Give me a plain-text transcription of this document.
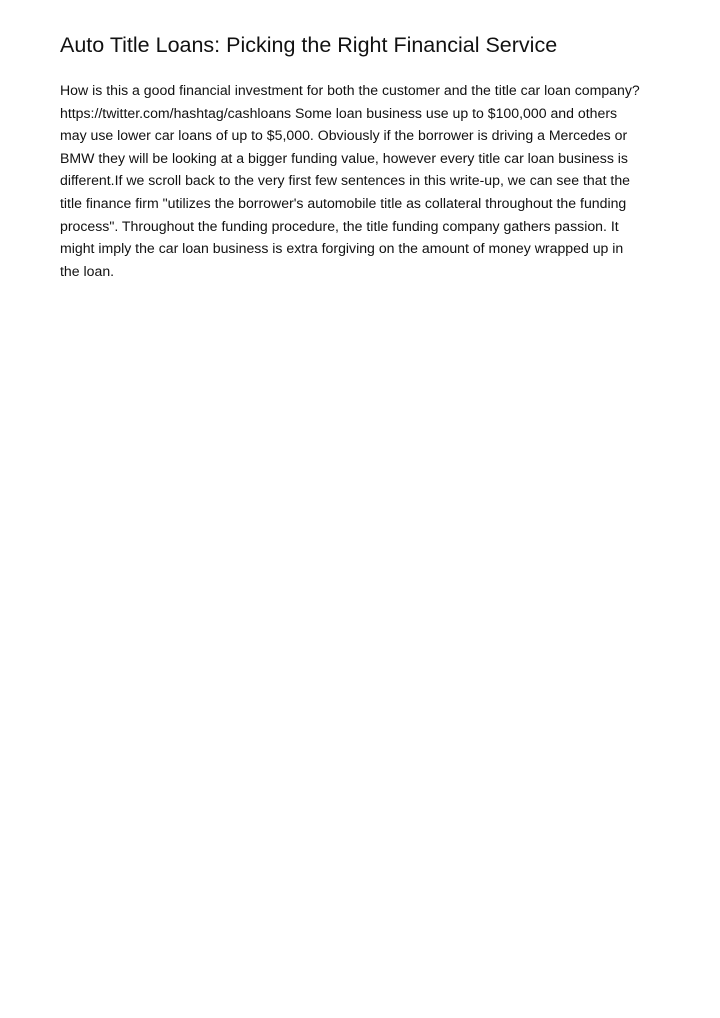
Auto Title Loans: Picking the Right Financial Service
How is this a good financial investment for both the customer and the title car loan company?
https://twitter.com/hashtag/cashloans Some loan business use up to $100,000 and others
may use lower car loans of up to $5,000. Obviously if the borrower is driving a Mercedes or
BMW they will be looking at a bigger funding value, however every title car loan business is
different.If we scroll back to the very first few sentences in this write-up, we can see that the
title finance firm "utilizes the borrower's automobile title as collateral throughout the funding
process". Throughout the funding procedure, the title funding company gathers passion. It
might imply the car loan business is extra forgiving on the amount of money wrapped up in
the loan.
